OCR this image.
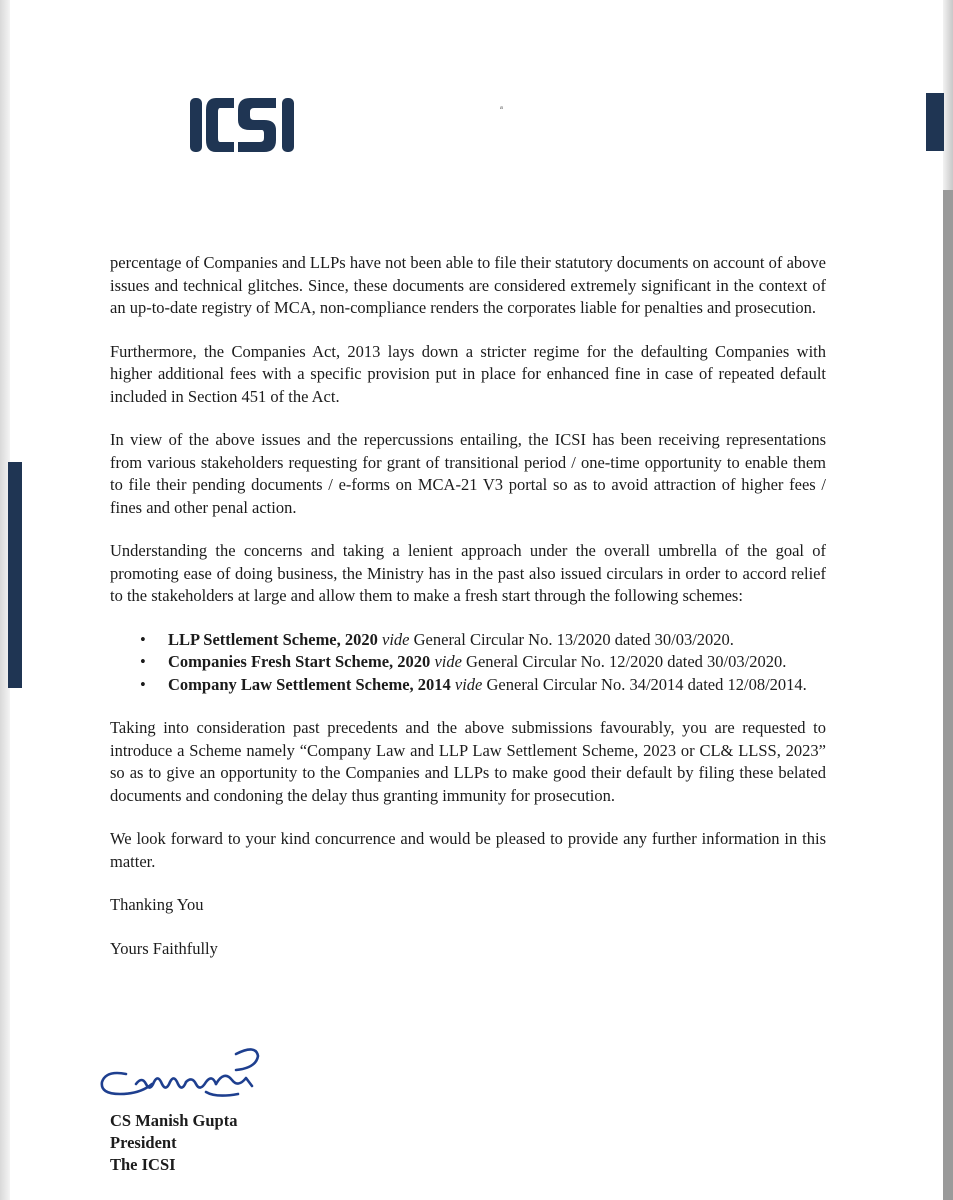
ᵃ

percentage of Companies and LLPs have not been able to file their statutory documents on account of above issues and technical glitches. Since, these documents are considered extremely significant in the context of an up-to-date registry of MCA, non-compliance renders the corporates liable for penalties and prosecution.

Furthermore, the Companies Act, 2013 lays down a stricter regime for the defaulting Companies with higher additional fees with a specific provision put in place for enhanced fine in case of repeated default included in Section 451 of the Act.

In view of the above issues and the repercussions entailing, the ICSI has been receiving representations from various stakeholders requesting for grant of transitional period / one-time opportunity to enable them to file their pending documents / e-forms on MCA-21 V3 portal so as to avoid attraction of higher fees / fines and other penal action.

Understanding the concerns and taking a lenient approach under the overall umbrella of the goal of promoting ease of doing business, the Ministry has in the past also issued circulars in order to accord relief to the stakeholders at large and allow them to make a fresh start through the following schemes:

• LLP Settlement Scheme, 2020 vide General Circular No. 13/2020 dated 30/03/2020.
• Companies Fresh Start Scheme, 2020 vide General Circular No. 12/2020 dated 30/03/2020.
• Company Law Settlement Scheme, 2014 vide General Circular No. 34/2014 dated 12/08/2014.

Taking into consideration past precedents and the above submissions favourably, you are requested to introduce a Scheme namely “Company Law and LLP Law Settlement Scheme, 2023 or CL& LLSS, 2023” so as to give an opportunity to the Companies and LLPs to make good their default by filing these belated documents and condoning the delay thus granting immunity for prosecution.

We look forward to your kind concurrence and would be pleased to provide any further information in this matter.

Thanking You

Yours Faithfully

CS Manish Gupta
President
The ICSI
